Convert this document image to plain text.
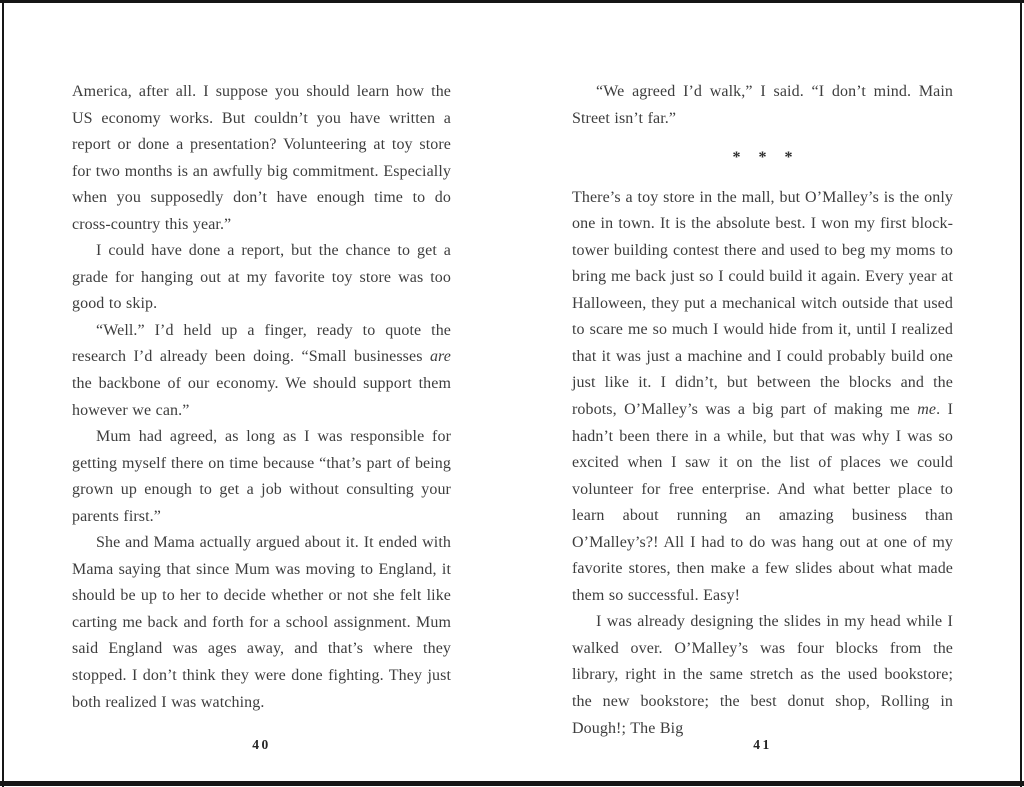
America, after all. I suppose you should learn how the US economy works. But couldn’t you have written a report or done a presentation? Volunteering at toy store for two months is an awfully big commitment. Especially when you supposedly don’t have enough time to do cross-country this year.”

I could have done a report, but the chance to get a grade for hanging out at my favorite toy store was too good to skip.

“Well.” I’d held up a finger, ready to quote the research I’d already been doing. “Small businesses are the backbone of our economy. We should support them however we can.”

Mum had agreed, as long as I was responsible for getting myself there on time because “that’s part of being grown up enough to get a job without consulting your parents first.”

She and Mama actually argued about it. It ended with Mama saying that since Mum was moving to England, it should be up to her to decide whether or not she felt like carting me back and forth for a school assignment. Mum said England was ages away, and that’s where they stopped. I don’t think they were done fighting. They just both realized I was watching.

“We agreed I’d walk,” I said. “I don’t mind. Main Street isn’t far.”

* * *

There’s a toy store in the mall, but O’Malley’s is the only one in town. It is the absolute best. I won my first block-tower building contest there and used to beg my moms to bring me back just so I could build it again. Every year at Halloween, they put a mechanical witch outside that used to scare me so much I would hide from it, until I realized that it was just a machine and I could probably build one just like it. I didn’t, but between the blocks and the robots, O’Malley’s was a big part of making me me. I hadn’t been there in a while, but that was why I was so excited when I saw it on the list of places we could volunteer for free enterprise. And what better place to learn about running an amazing business than O’Malley’s?! All I had to do was hang out at one of my favorite stores, then make a few slides about what made them so successful. Easy!

I was already designing the slides in my head while I walked over. O’Malley’s was four blocks from the library, right in the same stretch as the used bookstore; the new bookstore; the best donut shop, Rolling in Dough!; The Big

40	41
